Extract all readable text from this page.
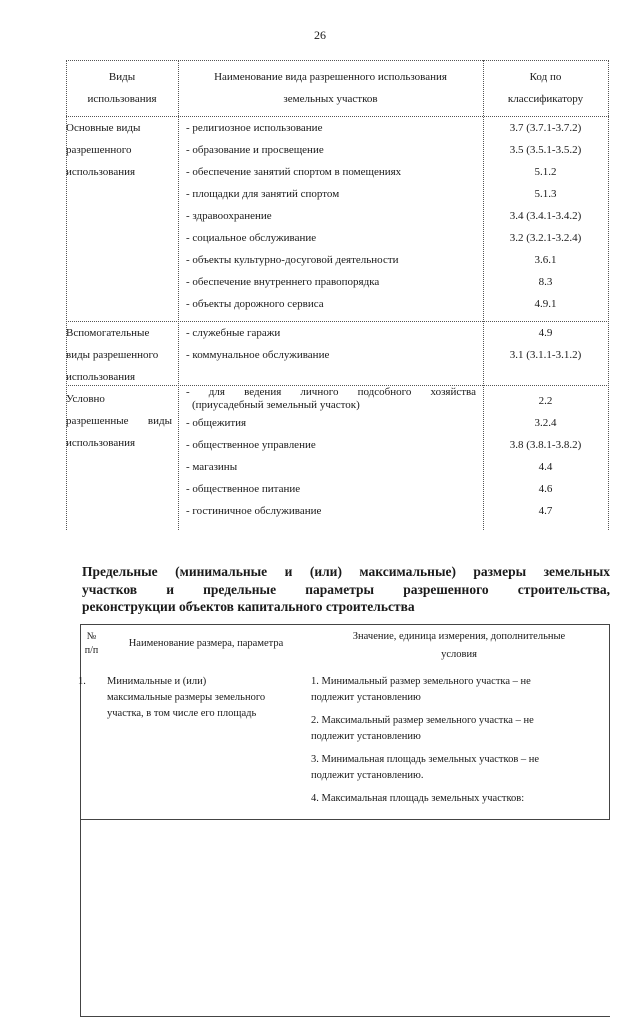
26
Виды
использования
Наименование вида разрешенного использования
земельных участков
Код по
классификатору
Основные виды
разрешенного
использования
- религиозное использование
- образование и просвещение
- обеспечение занятий спортом в помещениях
- площадки для занятий спортом
- здравоохранение
- социальное обслуживание
- объекты культурно-досуговой деятельности
- обеспечение внутреннего правопорядка
- объекты дорожного сервиса
3.7 (3.7.1-3.7.2)
3.5 (3.5.1-3.5.2)
5.1.2
5.1.3
3.4 (3.4.1-3.4.2)
3.2 (3.2.1-3.2.4)
3.6.1
8.3
4.9.1
Вспомогательные
виды разрешенного
использования
- служебные гаражи
- коммунальное обслуживание
4.9
3.1 (3.1.1-3.1.2)
Условно
разрешенные виды
использования
- для ведения личного подсобного хозяйства
(приусадебный земельный участок)
- общежития
- общественное управление
- магазины
- общественное питание
- гостиничное обслуживание
2.2
3.2.4
3.8 (3.8.1-3.8.2)
4.4
4.6
4.7
Предельные (минимальные и (или) максимальные) размеры земельных
участков и предельные параметры разрешенного строительства,
реконструкции объектов капитального строительства
№
п/п
Наименование размера, параметра
Значение, единица измерения, дополнительные
условия
1.	Минимальные и (или)
максимальные размеры земельного
участка, в том числе его площадь
1. Минимальный размер земельного участка – не
подлежит установлению
2. Максимальный размер земельного участка – не
подлежит установлению
3. Минимальная площадь земельных участков – не
подлежит установлению.
4. Максимальная площадь земельных участков:
